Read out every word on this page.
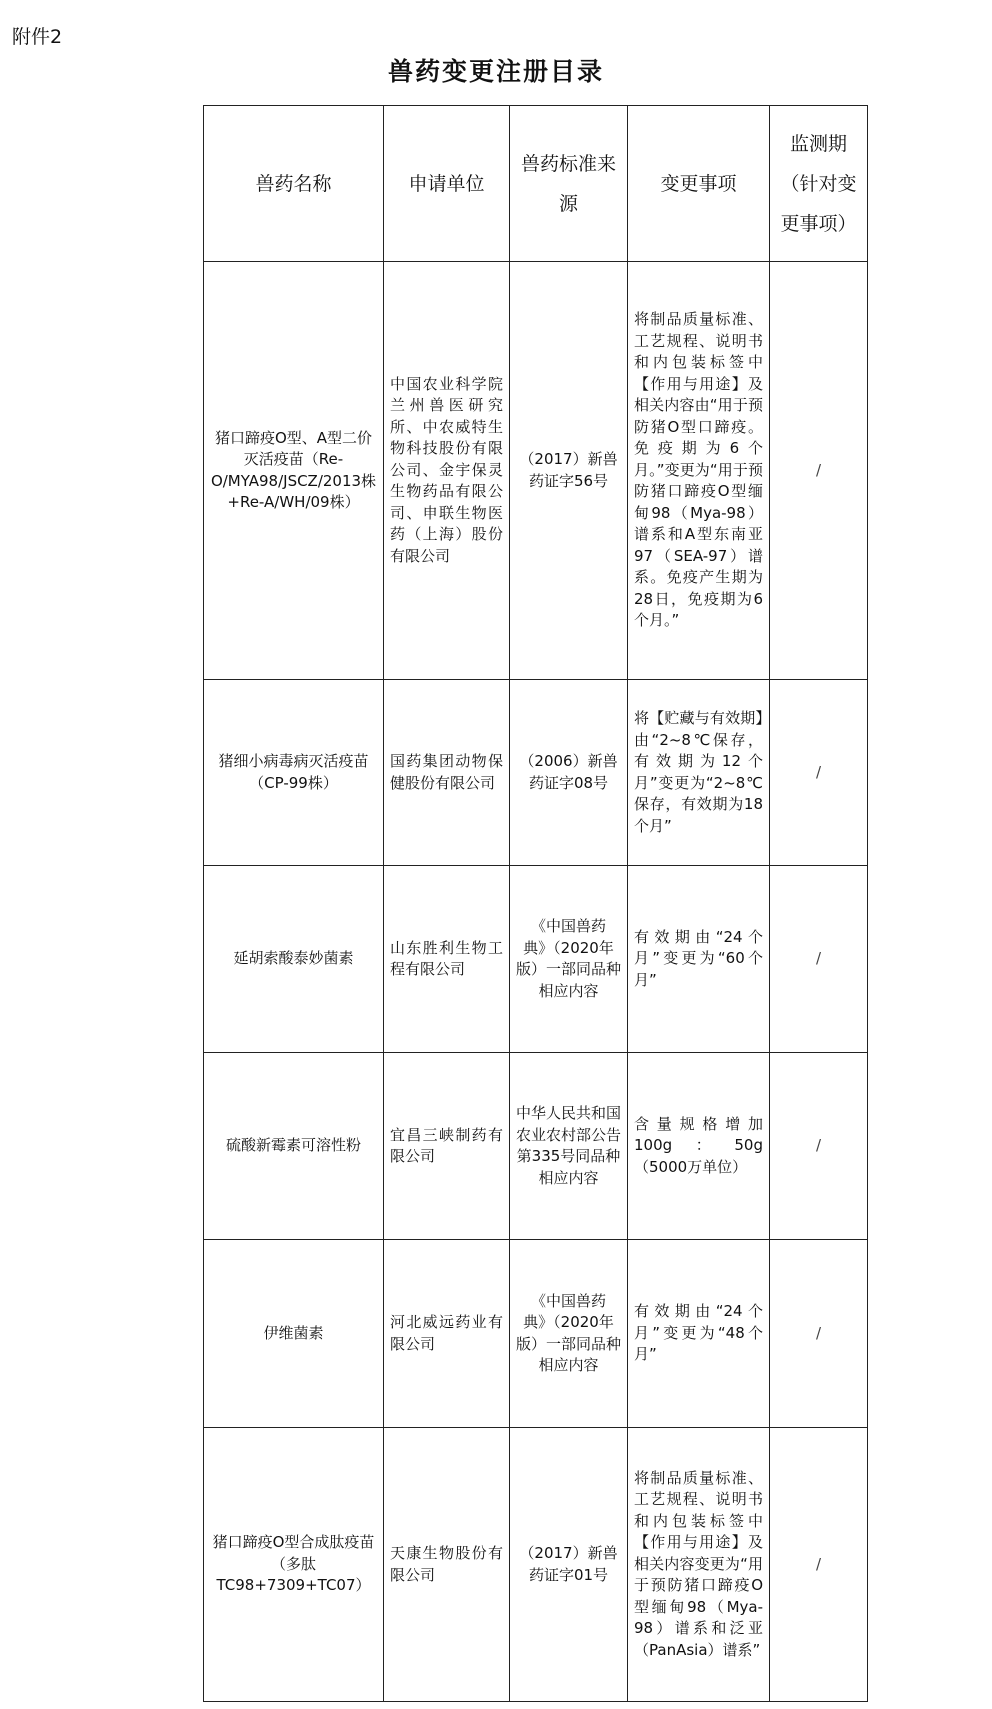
附件2
兽药变更注册目录
兽药名称	申请单位	兽药标准来源	变更事项	监测期（针对变更事项）
猪口蹄疫O型、A型二价灭活疫苗（Re-O/MYA98/JSCZ/2013株+Re-A/WH/09株）	中国农业科学院兰州兽医研究所、中农威特生物科技股份有限公司、金宇保灵生物药品有限公司、申联生物医药（上海）股份有限公司	（2017）新兽药证字56号	将制品质量标准、工艺规程、说明书和内包装标签中【作用与用途】及相关内容由“用于预防猪O型口蹄疫。免疫期为6个月。”变更为“用于预防猪口蹄疫O型缅甸98（Mya-98）谱系和A型东南亚97（SEA-97）谱系。免疫产生期为28日，免疫期为6个月。”	/
猪细小病毒病灭活疫苗（CP-99株）	国药集团动物保健股份有限公司	（2006）新兽药证字08号	将【贮藏与有效期】由“2~8℃保存，有效期为12个月”变更为“2~8℃保存，有效期为18个月”	/
延胡索酸泰妙菌素	山东胜利生物工程有限公司	《中国兽药典》（2020年版）一部同品种相应内容	有效期由“24个月”变更为“60个月”	/
硫酸新霉素可溶性粉	宜昌三峡制药有限公司	中华人民共和国农业农村部公告第335号同品种相应内容	含量规格增加100g：50g（5000万单位）	/
伊维菌素	河北威远药业有限公司	《中国兽药典》（2020年版）一部同品种相应内容	有效期由“24个月”变更为“48个月”	/
猪口蹄疫O型合成肽疫苗（多肽TC98+7309+TC07）	天康生物股份有限公司	（2017）新兽药证字01号	将制品质量标准、工艺规程、说明书和内包装标签中【作用与用途】及相关内容变更为“用于预防猪口蹄疫O型缅甸98（Mya-98）谱系和泛亚（PanAsia）谱系”	/
